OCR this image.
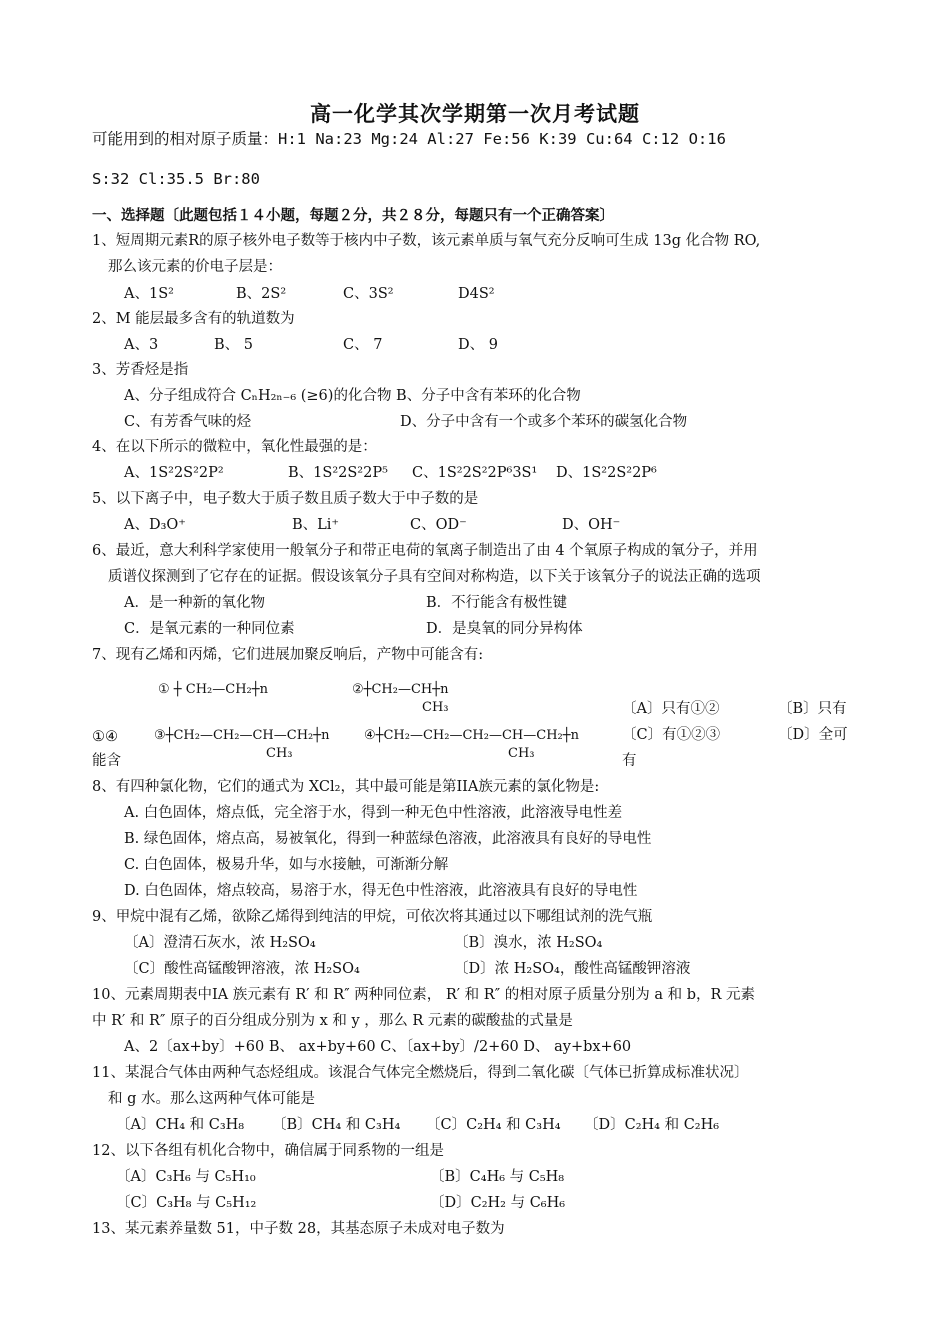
高一化学其次学期第一次月考试题
可能用到的相对原子质量：H:1 Na:23 Mg:24 Al:27 Fe:56 K:39 Cu:64 C:12 O:16
S:32 Cl:35.5 Br:80
一、选择题〔此题包括１４小题，每题２分，共２８分，每题只有一个正确答案〕
1、短周期元素R的原子核外电子数等于核内中子数，该元素单质与氧气充分反响可生成 13g 化合物 RO,
那么该元素的价电子层是：
A、1S²	B、2S²	C、3S²	D4S²
2、M 能层最多含有的轨道数为
A、3	B、 5	C、 7	D、 9
3、芳香烃是指
A、分子组成符合 CₙH₂ₙ₋₆ (≥6)的化合物 B、分子中含有苯环的化合物
C、有芳香气味的烃	D、分子中含有一个或多个苯环的碳氢化合物
4、在以下所示的微粒中，氧化性最强的是：
A、1S²2S²2P²	B、1S²2S²2P⁵ C、1S²2S²2P⁶3S¹ D、1S²2S²2P⁶
5、以下离子中，电子数大于质子数且质子数大于中子数的是
A、D₃O⁺	B、Li⁺	C、OD⁻	D、OH⁻
6、最近，意大利科学家使用一般氧分子和带正电荷的氧离子制造出了由 4 个氧原子构成的氧分子，并用
质谱仪探测到了它存在的证据。假设该氧分子具有空间对称构造，以下关于该氧分子的说法正确的选项
A．是一种新的氧化物	B．不行能含有极性键
C．是氧元素的一种同位素	D．是臭氧的同分异构体
7、现有乙烯和丙烯，它们进展加聚反响后，产物中可能含有:
① ┼ CH₂—CH₂┼n	②┼CH₂—CH┼n
CH₃	〔A〕只有①②	〔B〕只有
①④	③┼CH₂—CH₂—CH—CH₂┼n
CH₃
④┼CH₂—CH₂—CH₂—CH—CH₂┼n
CH₃
〔C〕有①②③	〔D〕全可
能含	有
8、有四种氯化物，它们的通式为 XCl₂，其中最可能是第IIA族元素的氯化物是:
A. 白色固体，熔点低，完全溶于水，得到一种无色中性溶液，此溶液导电性差
B. 绿色固体，熔点高，易被氧化，得到一种蓝绿色溶液，此溶液具有良好的导电性
C. 白色固体，极易升华，如与水接触，可渐渐分解
D. 白色固体，熔点较高，易溶于水，得无色中性溶液，此溶液具有良好的导电性
9、甲烷中混有乙烯，欲除乙烯得到纯洁的甲烷，可依次将其通过以下哪组试剂的洗气瓶
〔A〕澄清石灰水，浓 H₂SO₄	〔B〕溴水，浓 H₂SO₄
〔C〕酸性高锰酸钾溶液，浓 H₂SO₄	〔D〕浓 H₂SO₄，酸性高锰酸钾溶液
10、元素周期表中ⅠA 族元素有 R′ 和 R″ 两种同位素， R′ 和 R″ 的相对原子质量分别为 a 和 b，R 元素
中 R′ 和 R″ 原子的百分组成分别为 x 和 y ，那么 R 元素的碳酸盐的式量是
A、2〔ax+by〕+60 B、 ax+by+60 C、〔ax+by〕/2+60 D、 ay+bx+60
11、某混合气体由两种气态烃组成。该混合气体完全燃烧后，得到二氧化碳〔气体已折算成标准状况〕
和 g 水。那么这两种气体可能是
〔A〕CH₄ 和 C₃H₈ 〔B〕CH₄ 和 C₃H₄ 〔C〕C₂H₄ 和 C₃H₄ 〔D〕C₂H₄ 和 C₂H₆
12、以下各组有机化合物中，确信属于同系物的一组是
〔A〕C₃H₆ 与 C₅H₁₀	〔B〕C₄H₆ 与 C₅H₈
〔C〕C₃H₈ 与 C₅H₁₂	〔D〕C₂H₂ 与 C₆H₆
13、某元素养量数 51，中子数 28，其基态原子未成对电子数为
